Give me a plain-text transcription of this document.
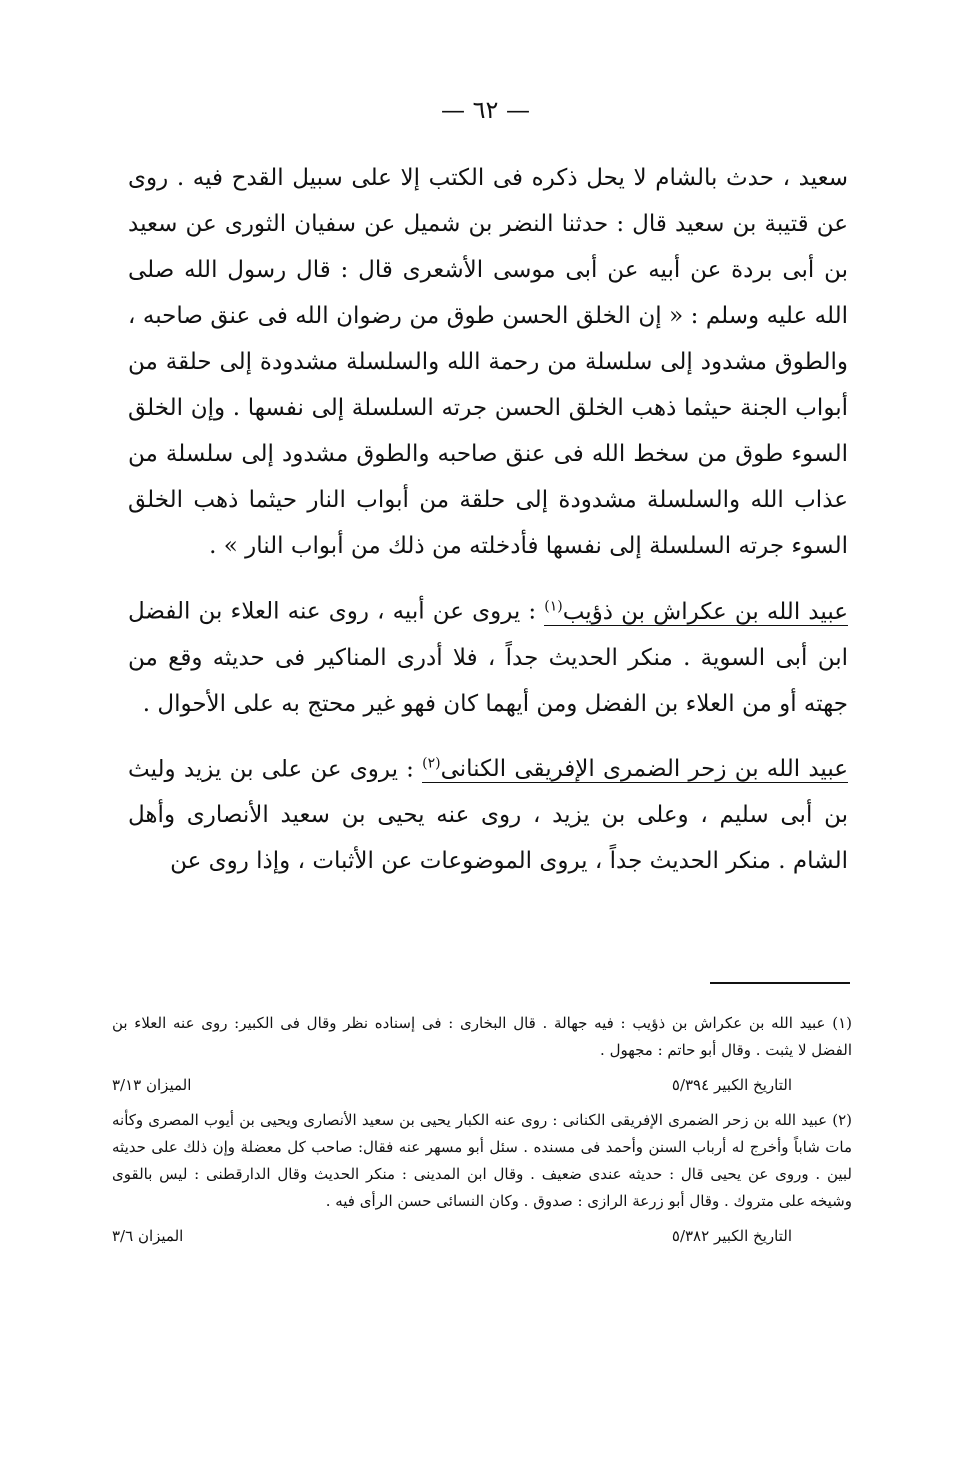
— ٦٢ —

سعيد ، حدث بالشام لا يحل ذكره فى الكتب إلا على سبيل القدح فيه . روى عن قتيبة بن سعيد قال : حدثنا النضر بن شميل عن سفيان الثورى عن سعيد بن أبى بردة عن أبيه عن أبى موسى الأشعرى قال : قال رسول الله صلى الله عليه وسلم : « إن الخلق الحسن طوق من رضوان الله فى عنق صاحبه ، والطوق مشدود إلى سلسلة من رحمة الله والسلسلة مشدودة إلى حلقة من أبواب الجنة حيثما ذهب الخلق الحسن جرته السلسلة إلى نفسها . وإن الخلق السوء طوق من سخط الله فى عنق صاحبه والطوق مشدود إلى سلسلة من عذاب الله والسلسلة مشدودة إلى حلقة من أبواب النار حيثما ذهب الخلق السوء جرته السلسلة إلى نفسها فأدخلته من ذلك من أبواب النار » .

عبيد الله بن عكراش بن ذؤيب$^{(١)}$ : يروى عن أبيه ، روى عنه العلاء بن الفضل ابن أبى السوية . منكر الحديث جداً ، فلا أدرى المناكير فى حديثه وقع من جهته أو من العلاء بن الفضل ومن أيهما كان فهو غير محتج به على الأحوال .

عبيد الله بن زحر الضمرى الإفريقى الكنانى$^{(٢)}$ : يروى عن على بن يزيد وليث بن أبى سليم ، وعلى بن يزيد ، روى عنه يحيى بن سعيد الأنصارى وأهل الشام . منكر الحديث جداً ، يروى الموضوعات عن الأثبات ، وإذا روى عن

(١) عبيد الله بن عكراش بن ذؤيب : فيه جهالة . قال البخارى : فى إسناده نظر وقال فى الكبير: روى عنه العلاء بن الفضل لا يثبت . وقال أبو حاتم : مجهول .

التاريخ الكبير ٥/٣٩٤
الميزان ٣/١٣

(٢) عبيد الله بن زحر الضمرى الإفريقى الكنانى : روى عنه الكبار يحيى بن سعيد الأنصارى ويحيى بن أيوب المصرى وكأنه مات شاباً وأخرج له أرباب السنن وأحمد فى مسنده . سئل أبو مسهر عنه فقال: صاحب كل معضلة وإن ذلك على حديثه لبين . وروى عن يحيى قال : حديثه عندى ضعيف . وقال ابن المدينى : منكر الحديث وقال الدارقطنى : ليس بالقوى وشيخه على متروك . وقال أبو زرعة الرازى : صدوق . وكان النسائى حسن الرأى فيه .

التاريخ الكبير ٥/٣٨٢
الميزان ٣/٦
